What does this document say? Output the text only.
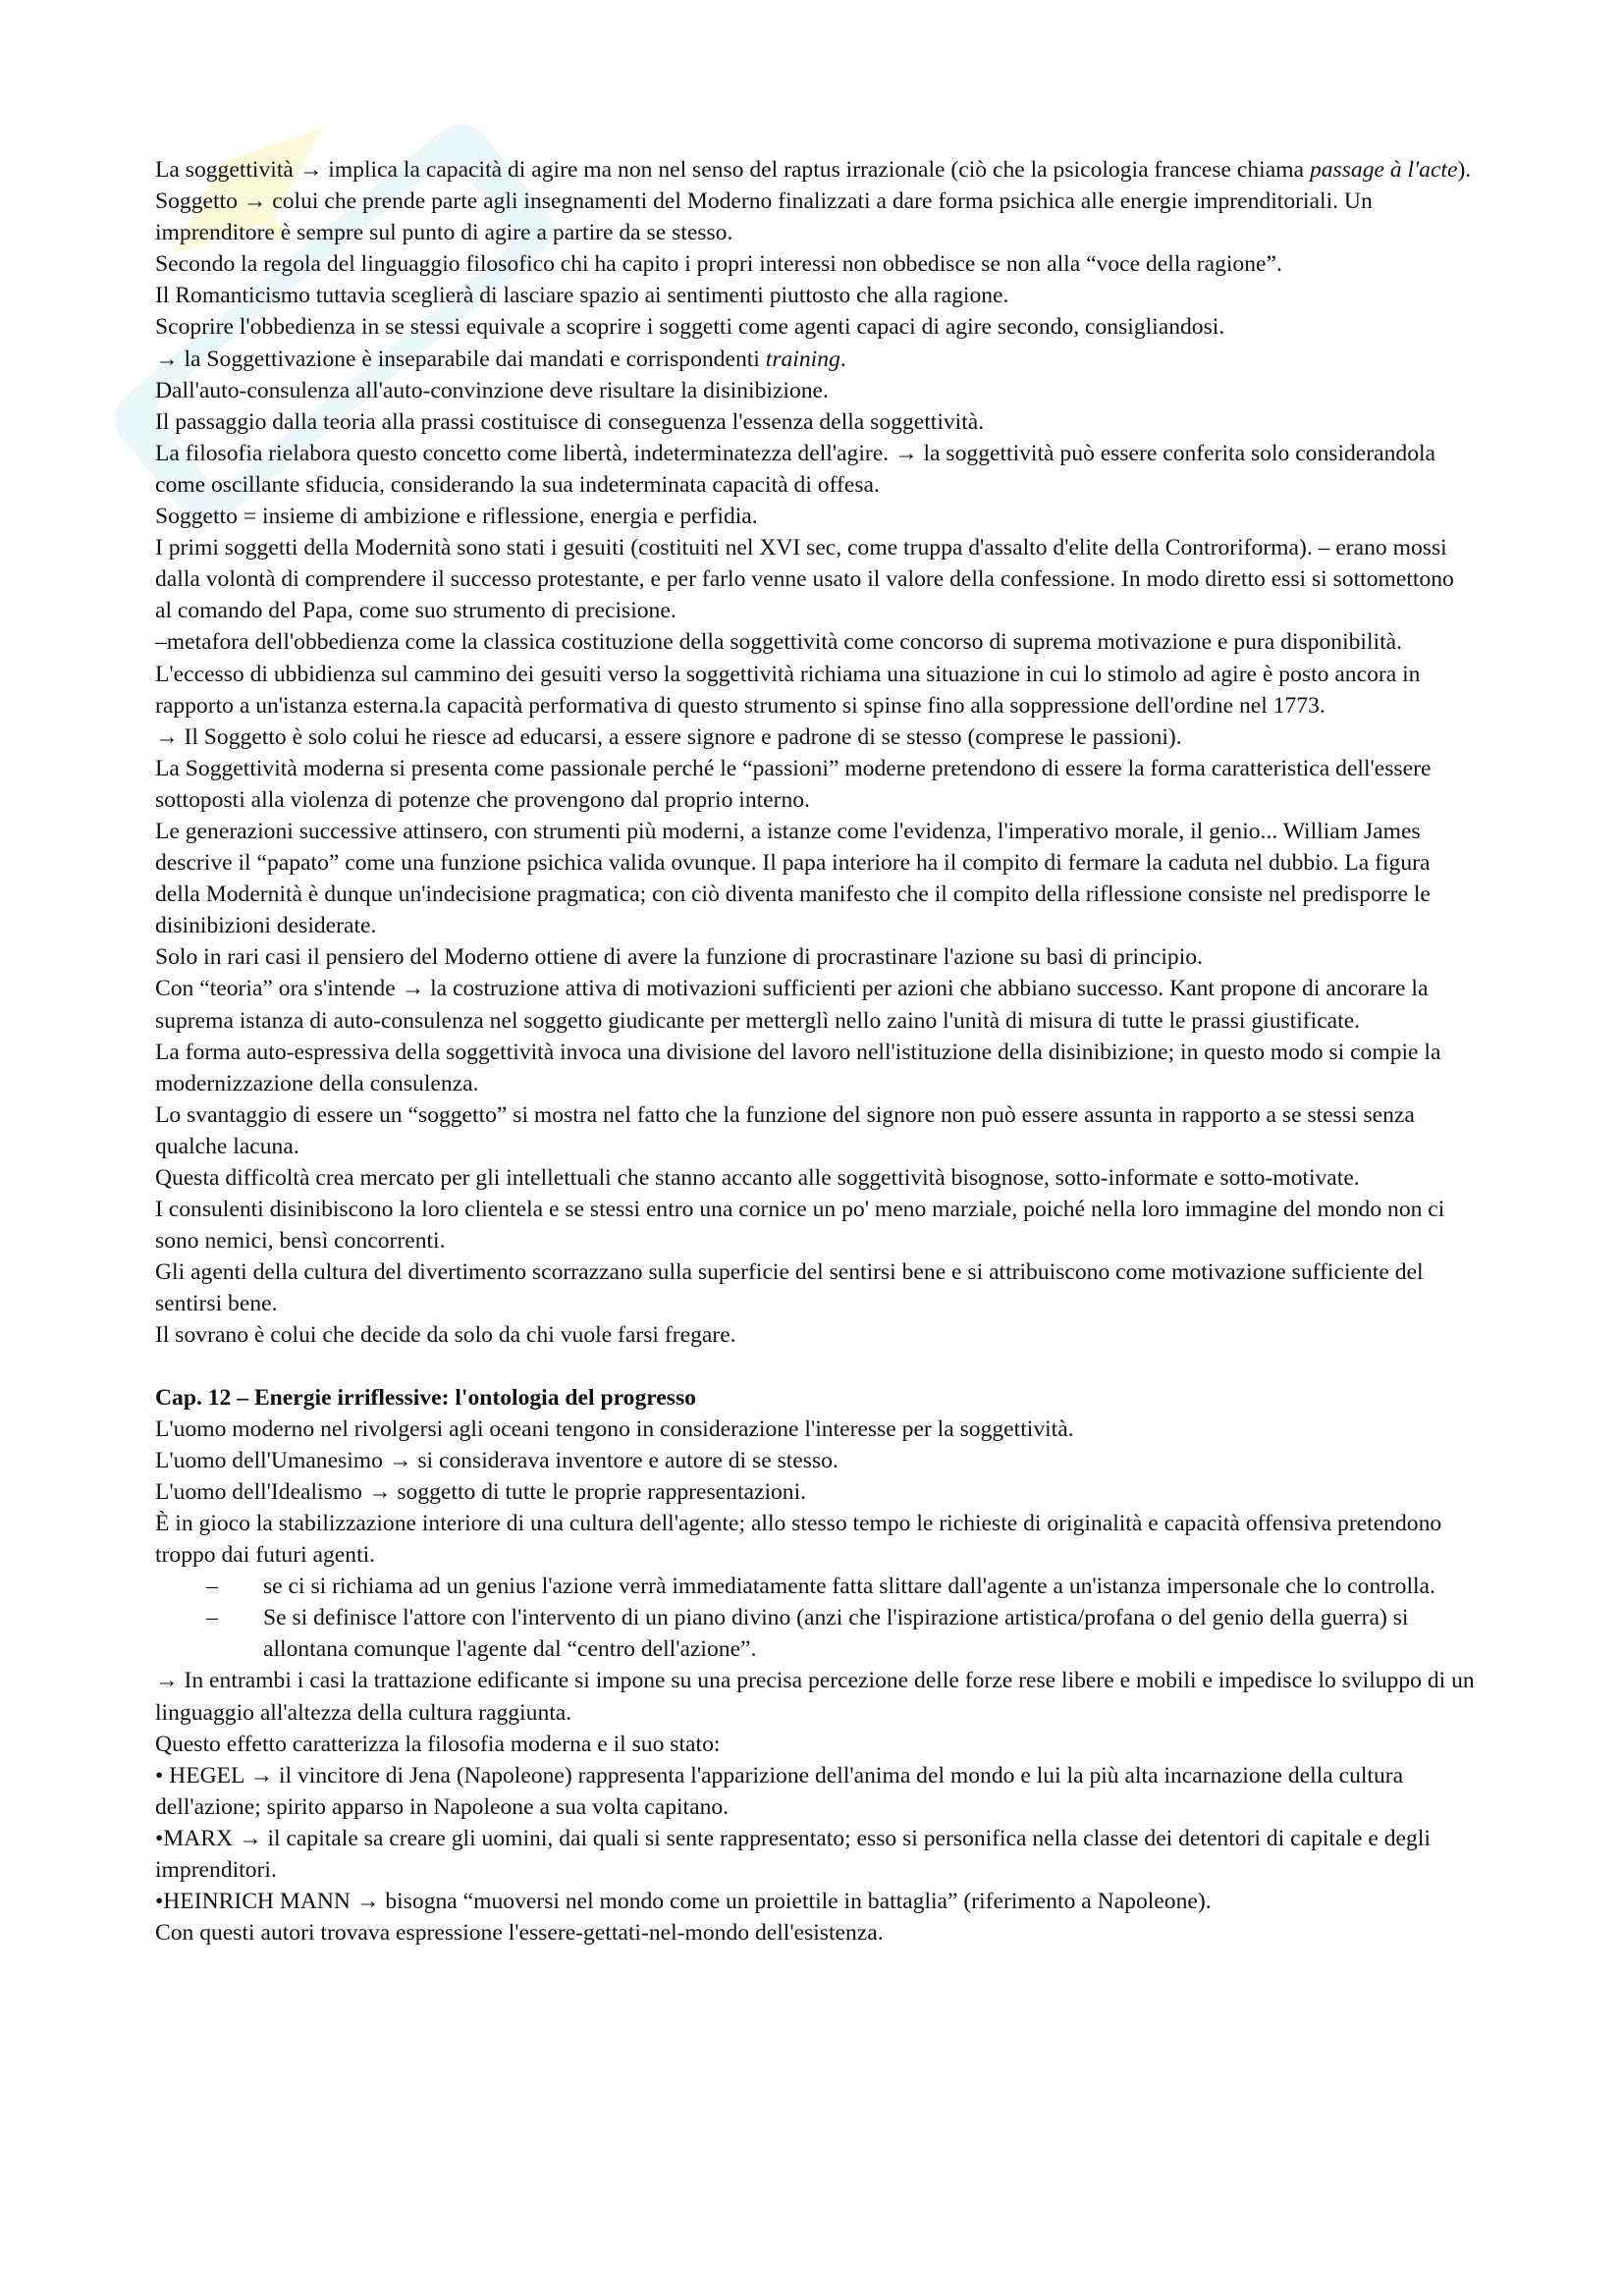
La soggettività → implica la capacità di agire ma non nel senso del raptus irrazionale (ciò che la psicologia francese chiama passage à l'acte). Soggetto → colui che prende parte agli insegnamenti del Moderno finalizzati a dare forma psichica alle energie imprenditoriali. Un imprenditore è sempre sul punto di agire a partire da se stesso.

Secondo la regola del linguaggio filosofico chi ha capito i propri interessi non obbedisce se non alla “voce della ragione”.

Il Romanticismo tuttavia sceglierà di lasciare spazio ai sentimenti piuttosto che alla ragione.

Scoprire l'obbedienza in se stessi equivale a scoprire i soggetti come agenti capaci di agire secondo, consigliandosi.

→ la Soggettivazione è inseparabile dai mandati e corrispondenti training.

Dall'auto-consulenza all'auto-convinzione deve risultare la disinibizione.

Il passaggio dalla teoria alla prassi costituisce di conseguenza l'essenza della soggettività.

La filosofia rielabora questo concetto come libertà, indeterminatezza dell'agire. → la soggettività può essere conferita solo considerandola come oscillante sfiducia, considerando la sua indeterminata capacità di offesa.

Soggetto = insieme di ambizione e riflessione, energia e perfidia.

I primi soggetti della Modernità sono stati i gesuiti (costituiti nel XVI sec, come truppa d'assalto d'elite della Controriforma). – erano mossi dalla volontà di comprendere il successo protestante, e per farlo venne usato il valore della confessione. In modo diretto essi si sottomettono al comando del Papa, come suo strumento di precisione.

–metafora dell'obbedienza come la classica costituzione della soggettività come concorso di suprema motivazione e pura disponibilità. L'eccesso di ubbidienza sul cammino dei gesuiti verso la soggettività richiama una situazione in cui lo stimolo ad agire è posto ancora in rapporto a un'istanza esterna.la capacità performativa di questo strumento si spinse fino alla soppressione dell'ordine nel 1773.

→ Il Soggetto è solo colui he riesce ad educarsi, a essere signore e padrone di se stesso (comprese le passioni).

La Soggettività moderna si presenta come passionale perché le “passioni” moderne pretendono di essere la forma caratteristica dell'essere sottoposti alla violenza di potenze che provengono dal proprio interno.

Le generazioni successive attinsero, con strumenti più moderni, a istanze come l'evidenza, l'imperativo morale, il genio... William James descrive il “papato” come una funzione psichica valida ovunque. Il papa interiore ha il compito di fermare la caduta nel dubbio. La figura della Modernità è dunque un'indecisione pragmatica; con ciò diventa manifesto che il compito della riflessione consiste nel predisporre le disinibizioni desiderate.

Solo in rari casi il pensiero del Moderno ottiene di avere la funzione di procrastinare l'azione su basi di principio.

Con “teoria” ora s'intende → la costruzione attiva di motivazioni sufficienti per azioni che abbiano successo. Kant propone di ancorare la suprema istanza di auto-consulenza nel soggetto giudicante per metterglì nello zaino l'unità di misura di tutte le prassi giustificate.

La forma auto-espressiva della soggettività invoca una divisione del lavoro nell'istituzione della disinibizione; in questo modo si compie la modernizzazione della consulenza.

Lo svantaggio di essere un “soggetto” si mostra nel fatto che la funzione del signore non può essere assunta in rapporto a se stessi senza qualche lacuna.

Questa difficoltà crea mercato per gli intellettuali che stanno accanto alle soggettività bisognose, sotto-informate e sotto-motivate.

I consulenti disinibiscono la loro clientela e se stessi entro una cornice un po' meno marziale, poiché nella loro immagine del mondo non ci sono nemici, bensì concorrenti.

Gli agenti della cultura del divertimento scorrazzano sulla superficie del sentirsi bene e si attribuiscono come motivazione sufficiente del sentirsi bene.

Il sovrano è colui che decide da solo da chi vuole farsi fregare.

Cap. 12 – Energie irriflessive: l'ontologia del progresso

L'uomo moderno nel rivolgersi agli oceani tengono in considerazione l'interesse per la soggettività.

L'uomo dell'Umanesimo → si considerava inventore e autore di se stesso.

L'uomo dell'Idealismo → soggetto di tutte le proprie rappresentazioni.

È in gioco la stabilizzazione interiore di una cultura dell'agente; allo stesso tempo le richieste di originalità e capacità offensiva pretendono troppo dai futuri agenti.

–	se ci si richiama ad un genius l'azione verrà immediatamente fatta slittare dall'agente a un'istanza impersonale che lo controlla.
–	Se si definisce l'attore con l'intervento di un piano divino (anzi che l'ispirazione artistica/profana o del genio della guerra) si allontana comunque l'agente dal “centro dell'azione”.

→ In entrambi i casi la trattazione edificante si impone su una precisa percezione delle forze rese libere e mobili e impedisce lo sviluppo di un linguaggio all'altezza della cultura raggiunta.

Questo effetto caratterizza la filosofia moderna e il suo stato:

• HEGEL → il vincitore di Jena (Napoleone) rappresenta l'apparizione dell'anima del mondo e lui la più alta incarnazione della cultura dell'azione; spirito apparso in Napoleone a sua volta capitano.

•MARX → il capitale sa creare gli uomini, dai quali si sente rappresentato; esso si personifica nella classe dei detentori di capitale e degli imprenditori.

•HEINRICH MANN → bisogna “muoversi nel mondo come un proiettile in battaglia” (riferimento a Napoleone).

Con questi autori trovava espressione l'essere-gettati-nel-mondo dell'esistenza.
